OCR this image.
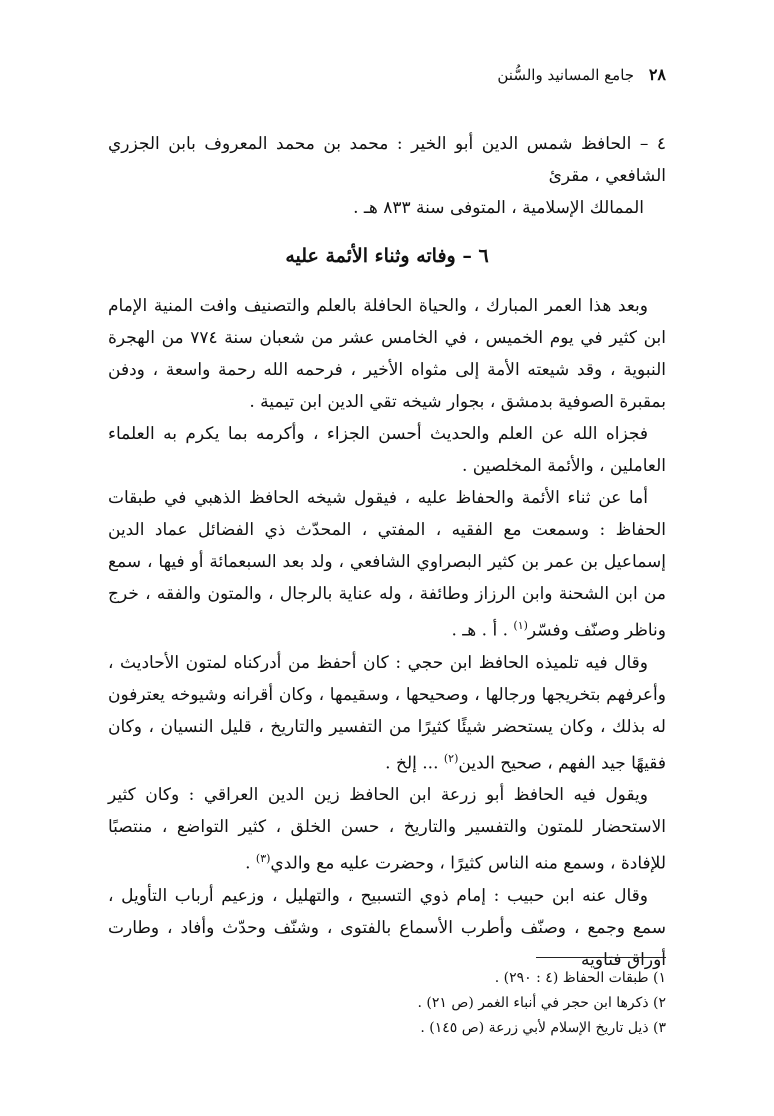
٢٨ جامع المسانيد والسُّنن

٤ – الحافظ شمس الدين أبو الخير : محمد بن محمد المعروف بابن الجزري الشافعي ، مقرئ

الممالك الإسلامية ، المتوفى سنة ٨٣٣ هـ .

٦ – وفاته وثناء الأئمة عليه

وبعد هذا العمر المبارك ، والحياة الحافلة بالعلم والتصنيف وافت المنية الإمام ابن كثير في يوم الخميس ، في الخامس عشر من شعبان سنة ٧٧٤ من الهجرة النبوية ، وقد شيعته الأمة إلى مثواه الأخير ، فرحمه الله رحمة واسعة ، ودفن بمقبرة الصوفية بدمشق ، بجوار شيخه تقي الدين ابن تيمية .

فجزاه الله عن العلم والحديث أحسن الجزاء ، وأكرمه بما يكرم به العلماء العاملين ، والأئمة المخلصين .

أما عن ثناء الأئمة والحفاظ عليه ، فيقول شيخه الحافظ الذهبي في طبقات الحفاظ : وسمعت مع الفقيه ، المفتي ، المحدّث ذي الفضائل عماد الدين إسماعيل بن عمر بن كثير البصراوي الشافعي ، ولد بعد السبعمائة أو فيها ، سمع من ابن الشحنة وابن الرزاز وطائفة ، وله عناية بالرجال ، والمتون والفقه ، خرج وناظر وصنّف وفسّر$^{(١)}$ . أ . هـ .

وقال فيه تلميذه الحافظ ابن حجي : كان أحفظ من أدركناه لمتون الأحاديث ، وأعرفهم بتخريجها ورجالها ، وصحيحها ، وسقيمها ، وكان أقرانه وشيوخه يعترفون له بذلك ، وكان يستحضر شيئًا كثيرًا من التفسير والتاريخ ، قليل النسيان ، وكان فقيهًا جيد الفهم ، صحيح الدين$^{(٢)}$ ... إلخ .

ويقول فيه الحافظ أبو زرعة ابن الحافظ زين الدين العراقي : وكان كثير الاستحضار للمتون والتفسير والتاريخ ، حسن الخلق ، كثير التواضع ، منتصبًا للإفادة ، وسمع منه الناس كثيرًا ، وحضرت عليه مع والدي$^{(٣)}$ .

وقال عنه ابن حبيب : إمام ذوي التسبيح ، والتهليل ، وزعيم أرباب التأويل ، سمع وجمع ، وصنّف وأطرب الأسماع بالفتوى ، وشنّف وحدّث وأفاد ، وطارت أوراق فتاويه

١) طبقات الحفاظ (٤ : ٢٩٠) .

٢) ذكرها ابن حجر في أنباء الغمر (ص ٢١) .

٣) ذيل تاريخ الإسلام لأبي زرعة (ص ١٤٥) .
